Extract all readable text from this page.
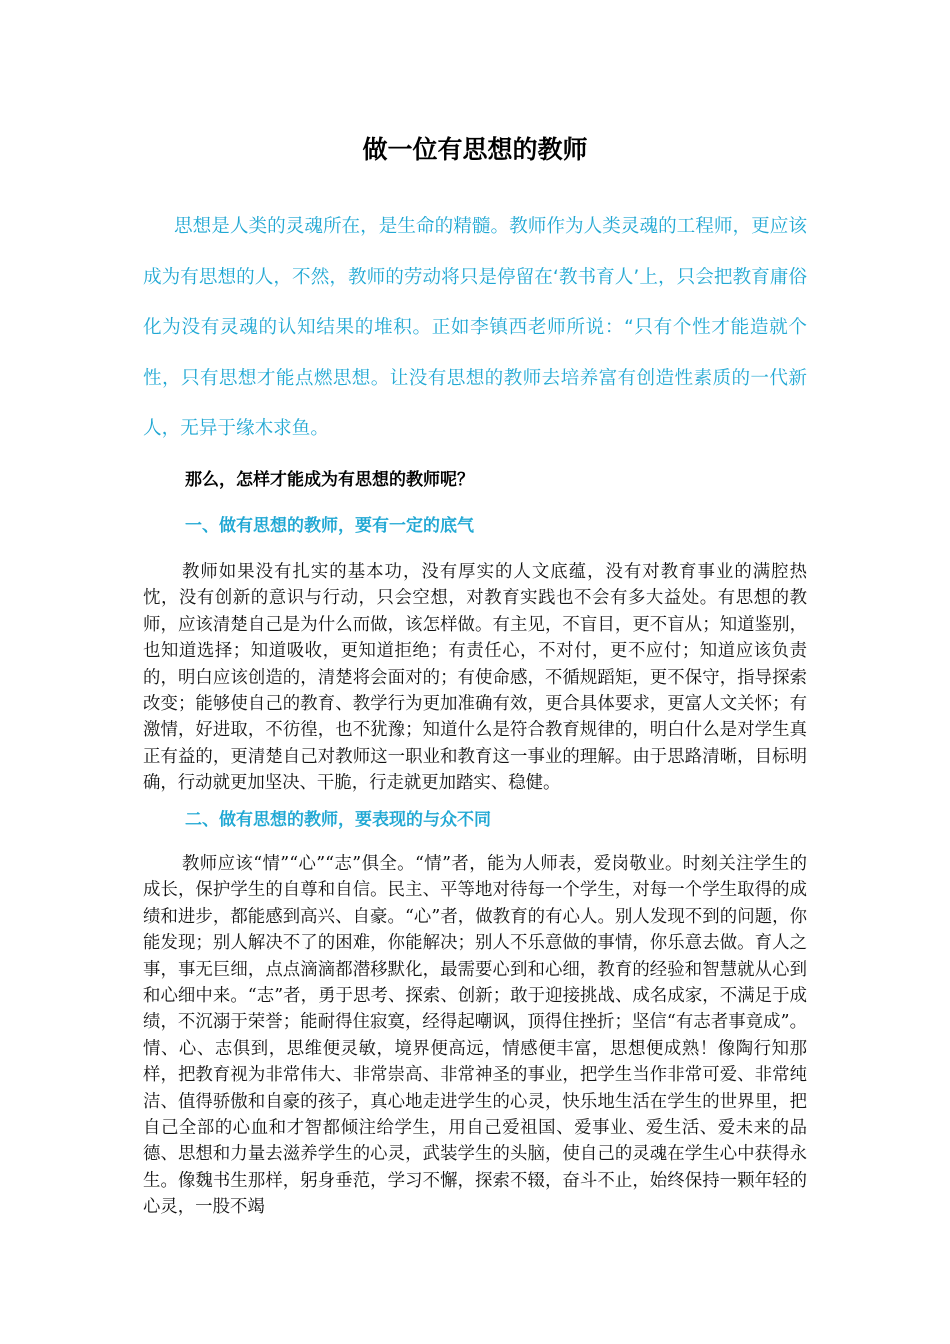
做一位有思想的教师

思想是人类的灵魂所在，是生命的精髓。教师作为人类灵魂的工程师，更应该成为有思想的人，不然，教师的劳动将只是停留在‘教书育人’上，只会把教育庸俗化为没有灵魂的认知结果的堆积。正如李镇西老师所说：“只有个性才能造就个性，只有思想才能点燃思想。让没有思想的教师去培养富有创造性素质的一代新人，无异于缘木求鱼。

那么，怎样才能成为有思想的教师呢？

一、做有思想的教师，要有一定的底气

教师如果没有扎实的基本功，没有厚实的人文底蕴，没有对教育事业的满腔热忱，没有创新的意识与行动，只会空想，对教育实践也不会有多大益处。有思想的教师，应该清楚自己是为什么而做，该怎样做。有主见，不盲目，更不盲从；知道鉴别，也知道选择；知道吸收，更知道拒绝；有责任心，不对付，更不应付；知道应该负责的，明白应该创造的，清楚将会面对的；有使命感，不循规蹈矩，更不保守，指导探索改变；能够使自己的教育、教学行为更加准确有效，更合具体要求，更富人文关怀；有激情，好进取，不彷徨，也不犹豫；知道什么是符合教育规律的，明白什么是对学生真正有益的，更清楚自己对教师这一职业和教育这一事业的理解。由于思路清晰，目标明确，行动就更加坚决、干脆，行走就更加踏实、稳健。

二、做有思想的教师，要表现的与众不同

教师应该“情”“心”“志”俱全。“情”者，能为人师表，爱岗敬业。时刻关注学生的成长，保护学生的自尊和自信。民主、平等地对待每一个学生，对每一个学生取得的成绩和进步，都能感到高兴、自豪。“心”者，做教育的有心人。别人发现不到的问题，你能发现；别人解决不了的困难，你能解决；别人不乐意做的事情，你乐意去做。育人之事，事无巨细，点点滴滴都潜移默化，最需要心到和心细，教育的经验和智慧就从心到和心细中来。“志”者，勇于思考、探索、创新；敢于迎接挑战、成名成家，不满足于成绩，不沉溺于荣誉；能耐得住寂寞，经得起嘲讽，顶得住挫折；坚信“有志者事竟成”。情、心、志俱到，思维便灵敏，境界便高远，情感便丰富，思想便成熟！像陶行知那样，把教育视为非常伟大、非常崇高、非常神圣的事业，把学生当作非常可爱、非常纯洁、值得骄傲和自豪的孩子，真心地走进学生的心灵，快乐地生活在学生的世界里，把自己全部的心血和才智都倾注给学生，用自己爱祖国、爱事业、爱生活、爱未来的品德、思想和力量去滋养学生的心灵，武装学生的头脑，使自己的灵魂在学生心中获得永生。像魏书生那样，躬身垂范，学习不懈，探索不辍，奋斗不止，始终保持一颗年轻的心灵，一股不竭
